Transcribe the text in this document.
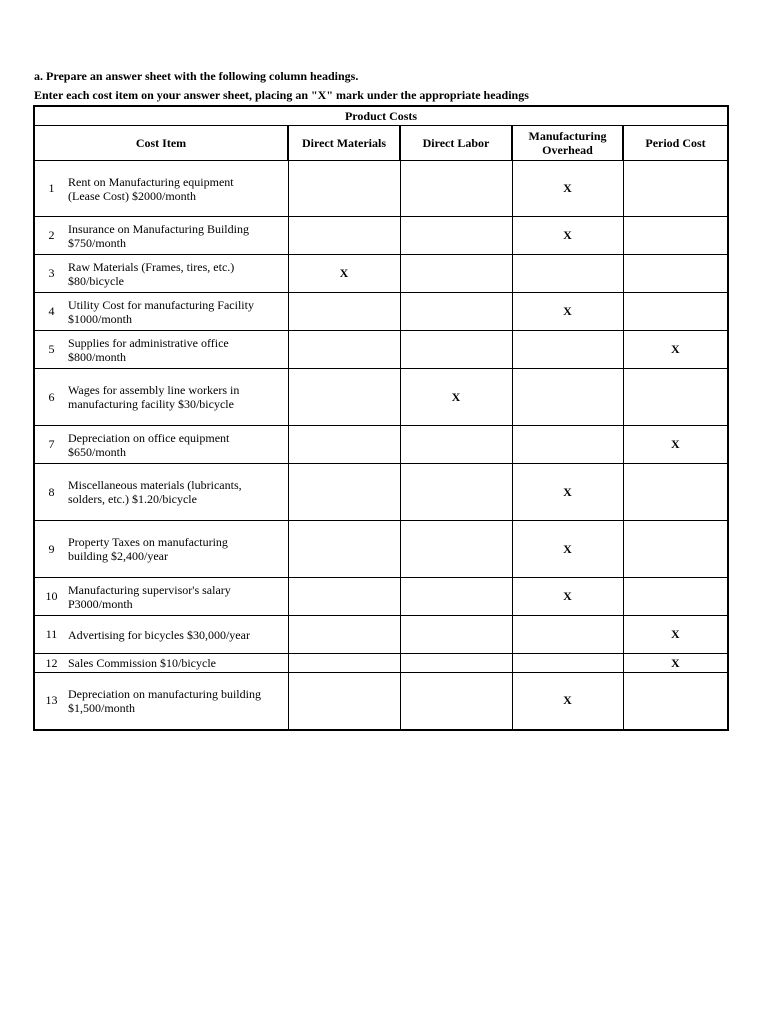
a. Prepare an answer sheet with the following column headings.
Enter each cost item on your answer sheet, placing an "X" mark under the appropriate headings
Product Costs				
Cost Item	Direct Materials	Direct Labor	Manufacturing
Overhead	Period Cost

1 Rent on Manufacturing equipment
(Lease Cost) $2000/month			X	

2 Insurance on Manufacturing Building
$750/month			X	

3 Raw Materials (Frames, tires, etc.)
$80/bicycle	X			

4 Utility Cost for manufacturing Facility
$1000/month			X	

5 Supplies for administrative office
$800/month				X

6 Wages for assembly line workers in
manufacturing facility $30/bicycle		X		

7 Depreciation on office equipment
$650/month				X

8 Miscellaneous materials (lubricants,
solders, etc.) $1.20/bicycle			X	

9 Property Taxes on manufacturing
building $2,400/year			X	

10 Manufacturing supervisor's salary
P3000/month			X	

11 Advertising for bicycles $30,000/year				X

12 Sales Commission $10/bicycle				X

13 Depreciation on manufacturing building
$1,500/month			X	
